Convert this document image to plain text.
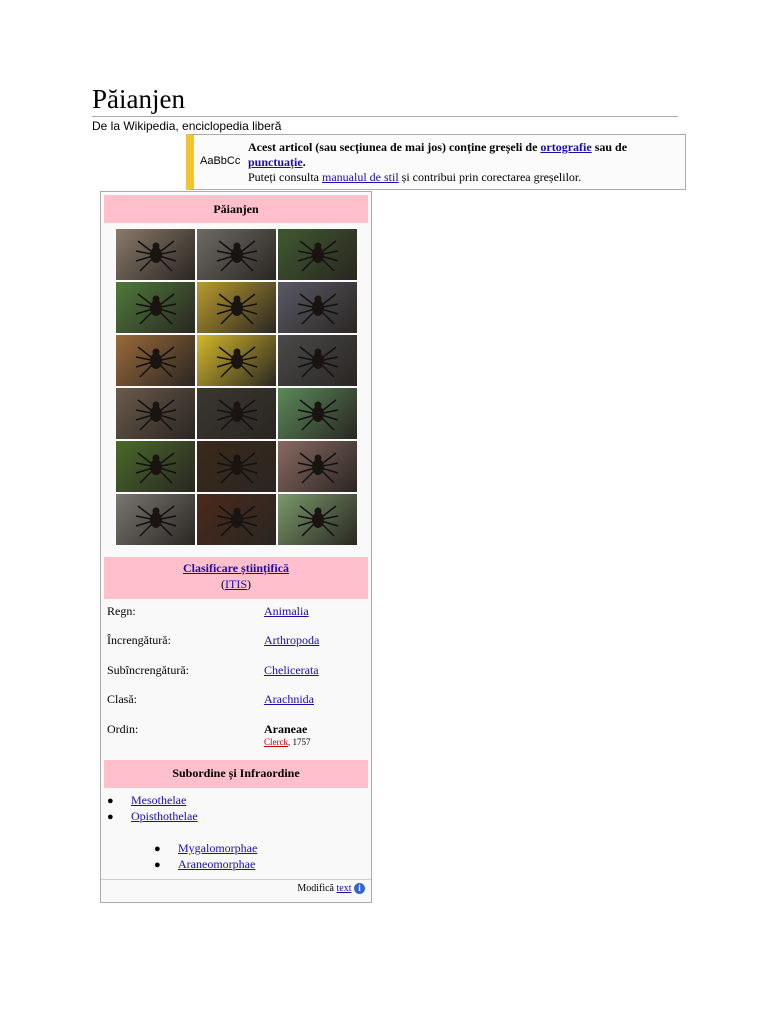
Păianjen
De la Wikipedia, enciclopedia liberă
AaBbCc
Acest articol (sau secțiunea de mai jos) conține greșeli de ortografie sau de punctuație.
Puteți consulta manualul de stil și contribui prin corectarea greșelilor.
Păianjen
Clasificare științifică
(ITIS)
Regn:	Animalia
Încrengătură:	Arthropoda
Subîncrengătură:	Chelicerata
Clasă:	Arachnida
Ordin:	Araneae
Clerck, 1757
Subordine și Infraordine
● Mesothelae
● Opisthothelae
● Mygalomorphae
● Araneomorphae
Modifică text i
